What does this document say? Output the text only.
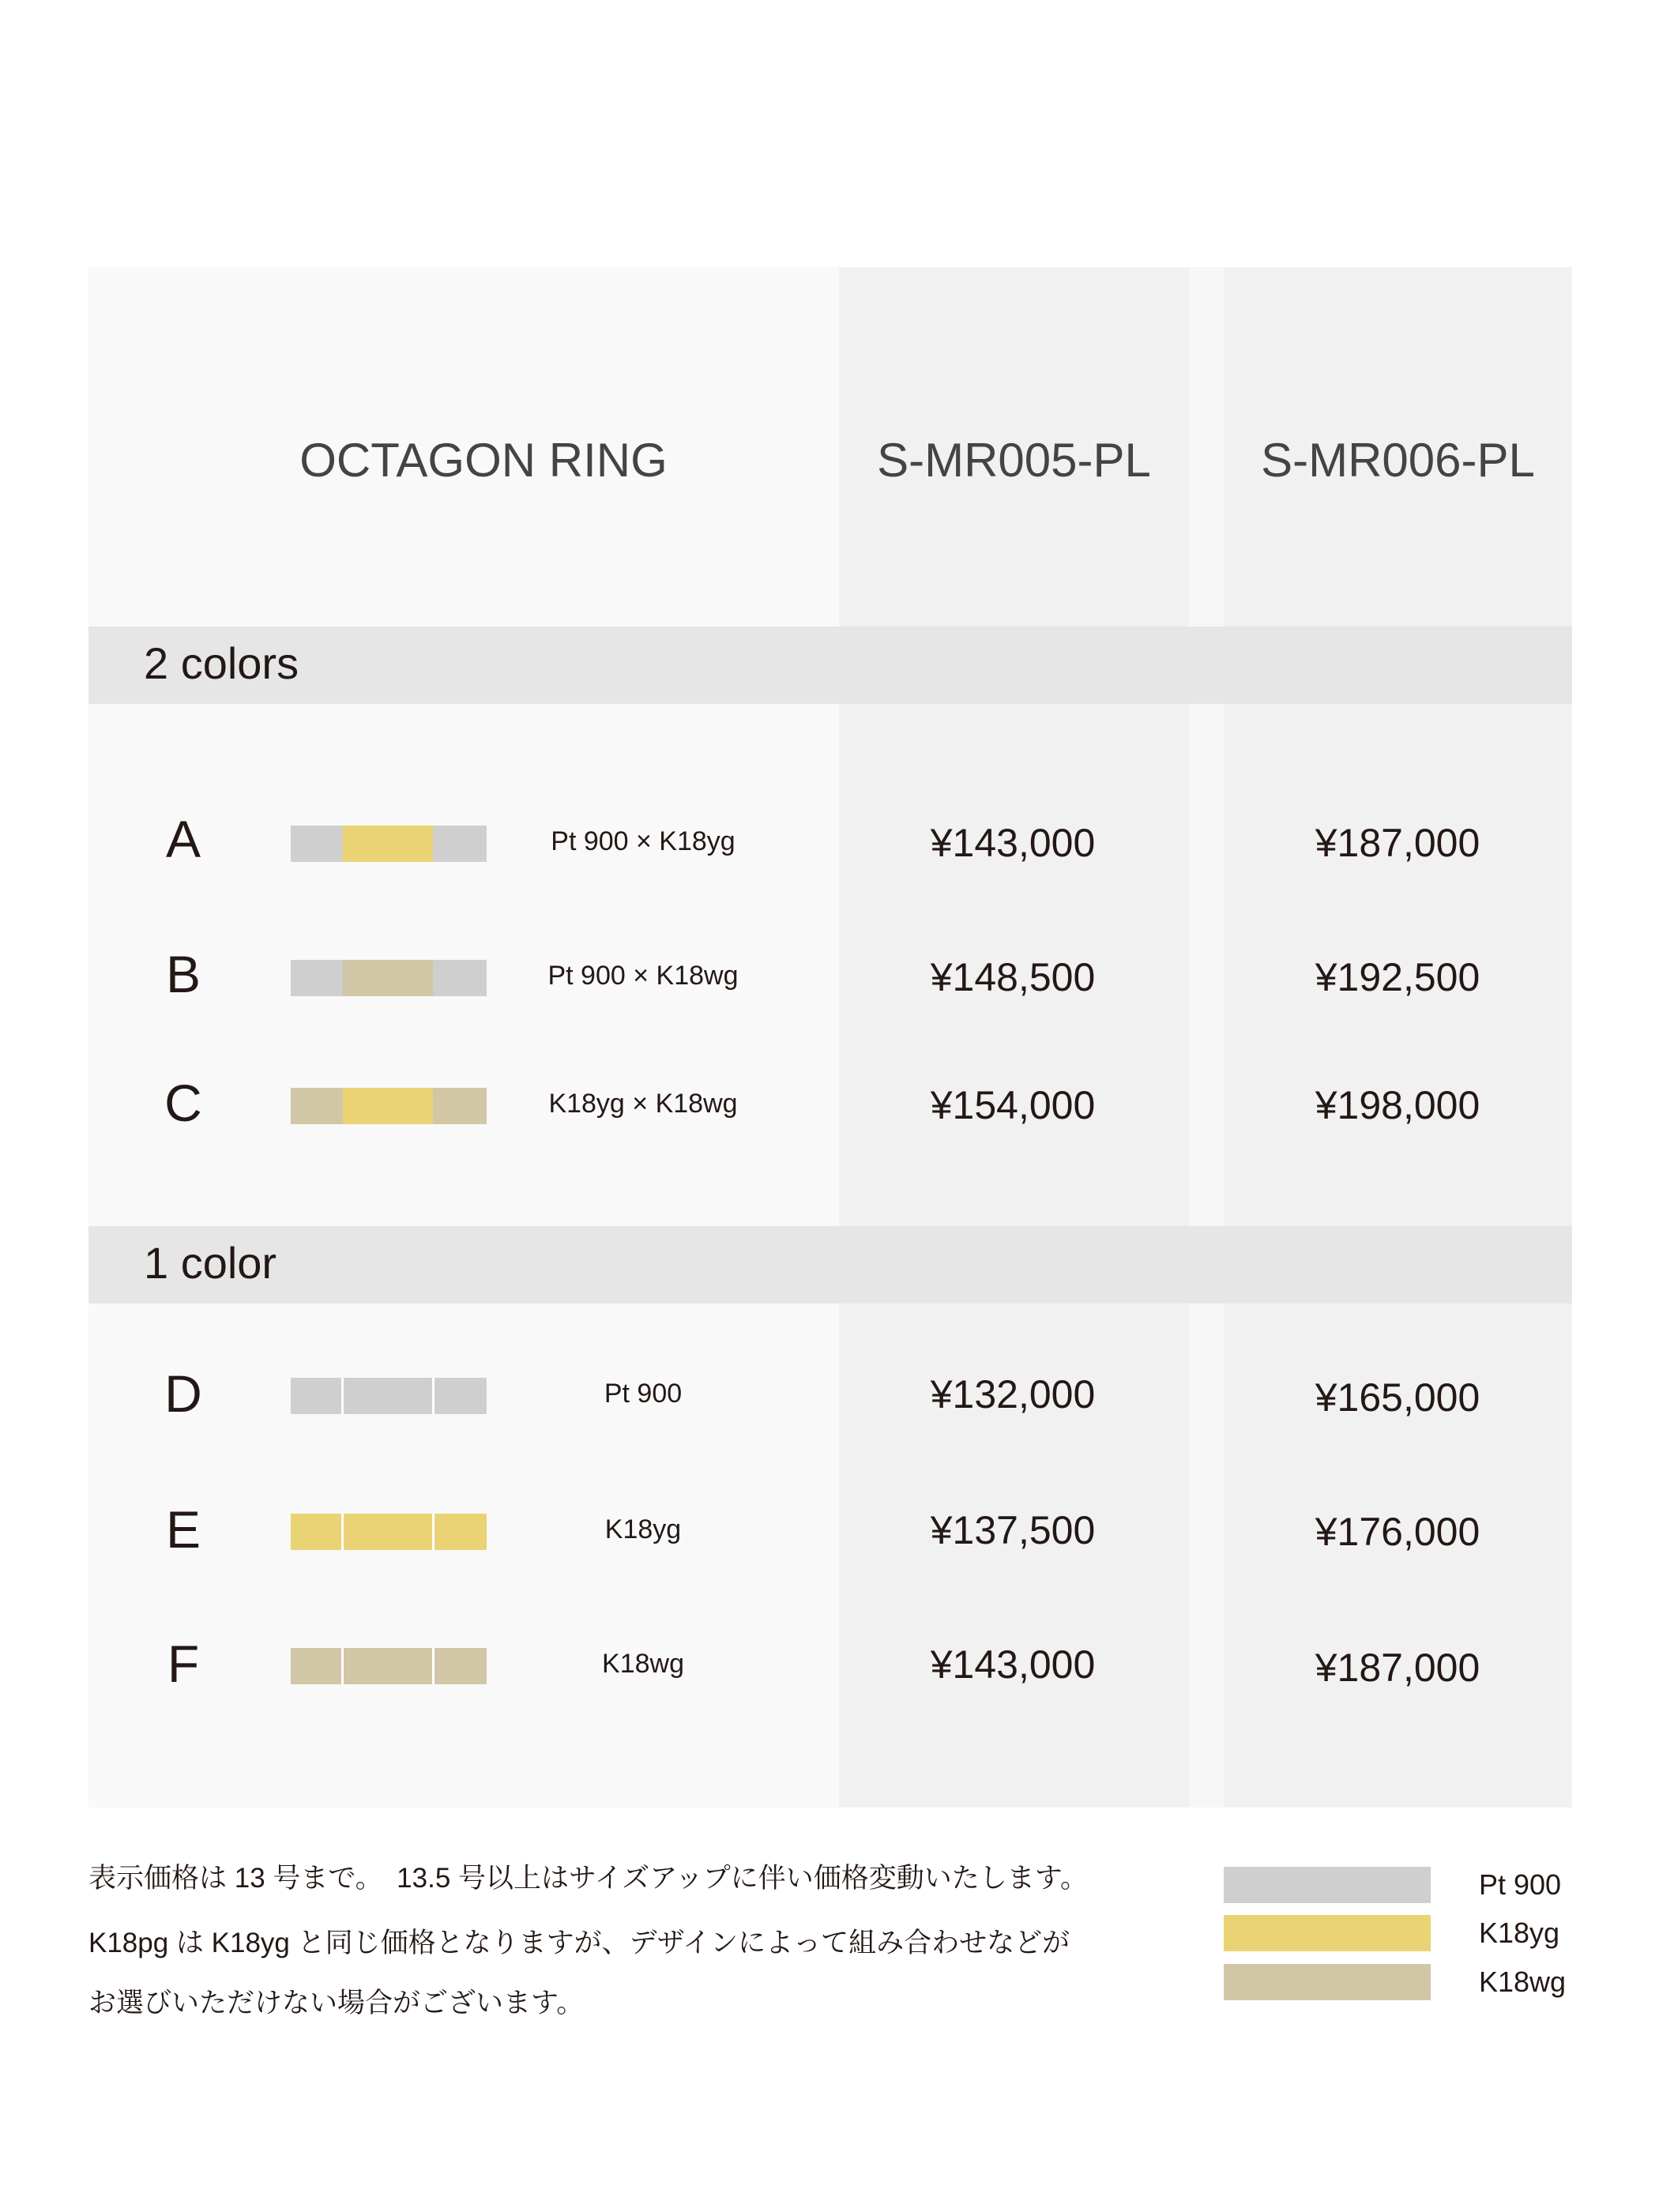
OCTAGON RING	S-MR005-PL	S-MR006-PL
2 colors
A	Pt 900 × K18yg	¥143,000	¥187,000
B	Pt 900 × K18wg	¥148,500	¥192,500
C	K18yg × K18wg	¥154,000	¥198,000
1 color
D	Pt 900	¥132,000	¥165,000
E	K18yg	¥137,500	¥176,000
F	K18wg	¥143,000	¥187,000
表示価格は 13 号まで。　13.5 号以上はサイズアップに伴い価格変動いたします。
K18pg は K18yg と同じ価格となりますが、デザインによって組み合わせなどが
お選びいただけない場合がございます。
Pt 900
K18yg
K18wg
